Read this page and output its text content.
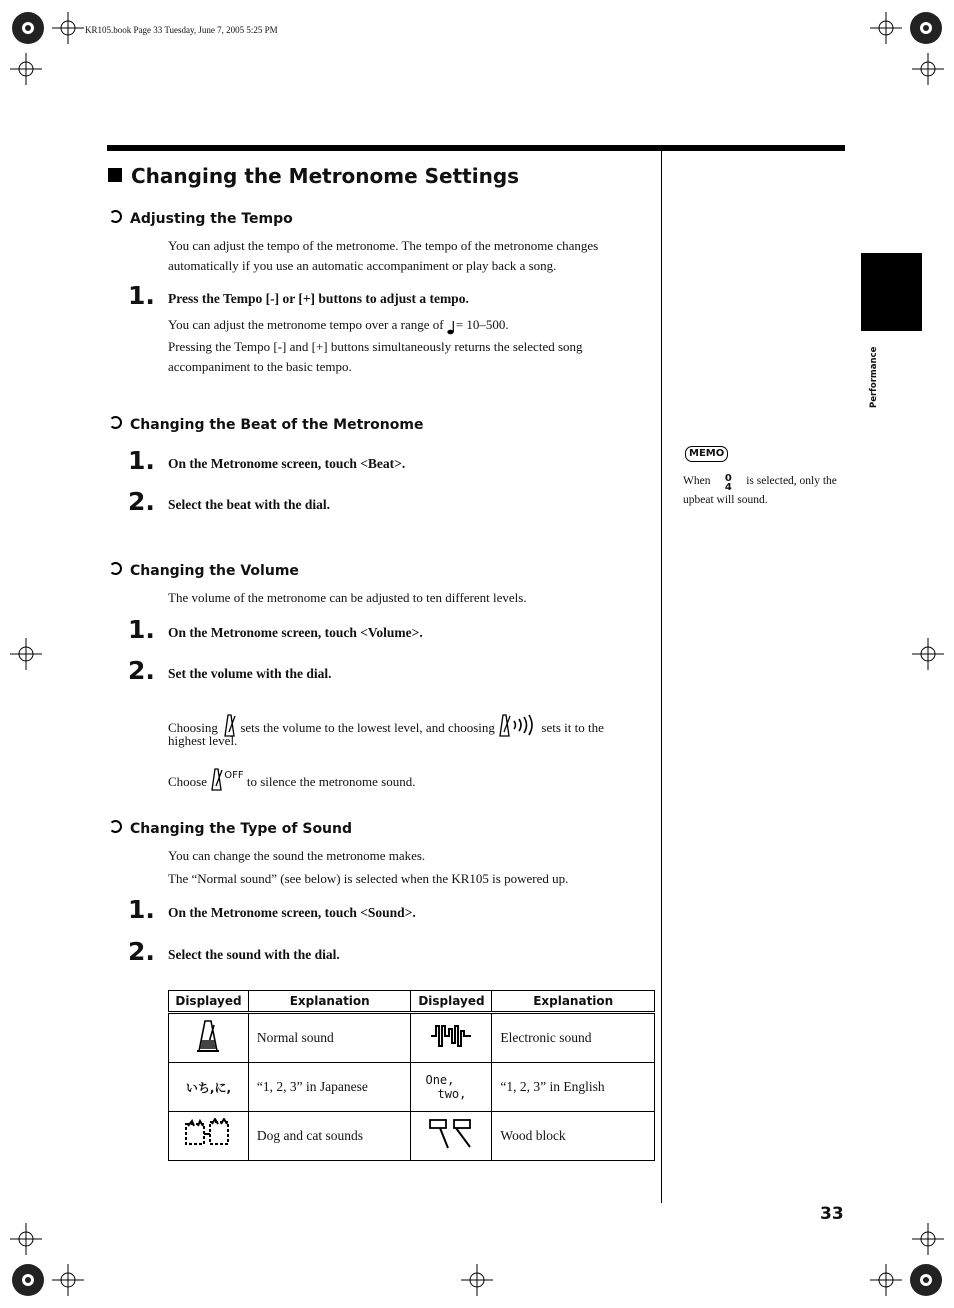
KR105.book Page 33 Tuesday, June 7, 2005 5:25 PM
Performance
Changing the Metronome Settings
Adjusting the Tempo
You can adjust the tempo of the metronome. The tempo of the metronome changes automatically if you use an automatic accompaniment or play back a song.
1. Press the Tempo [-] or [+] buttons to adjust a tempo.
You can adjust the metronome tempo over a range of = 10–500.
Pressing the Tempo [-] and [+] buttons simultaneously returns the selected song accompaniment to the basic tempo.
Changing the Beat of the Metronome
1. On the Metronome screen, touch <Beat>.
2. Select the beat with the dial.
Changing the Volume
The volume of the metronome can be adjusted to ten different levels.
1. On the Metronome screen, touch <Volume>.
2. Set the volume with the dial.
Choosing  sets the volume to the lowest level, and choosing	sets it to the
highest level.
Choose $^{OFF}$ to silence the metronome sound.
Changing the Type of Sound
You can change the sound the metronome makes.
The “Normal sound” (see below) is selected when the KR105 is powered up.
1. On the Metronome screen, touch <Sound>.
2. Select the sound with the dial.
Displayed	Explanation	Displayed	Explanation

	Normal sound		Electronic sound
いち,に,	“1, 2, 3” in Japanese	One,
two,	“1, 2, 3” in English
	Dog and cat sounds		Wood block
MEMO
When	0
4
is selected, only the upbeat will sound.
33
